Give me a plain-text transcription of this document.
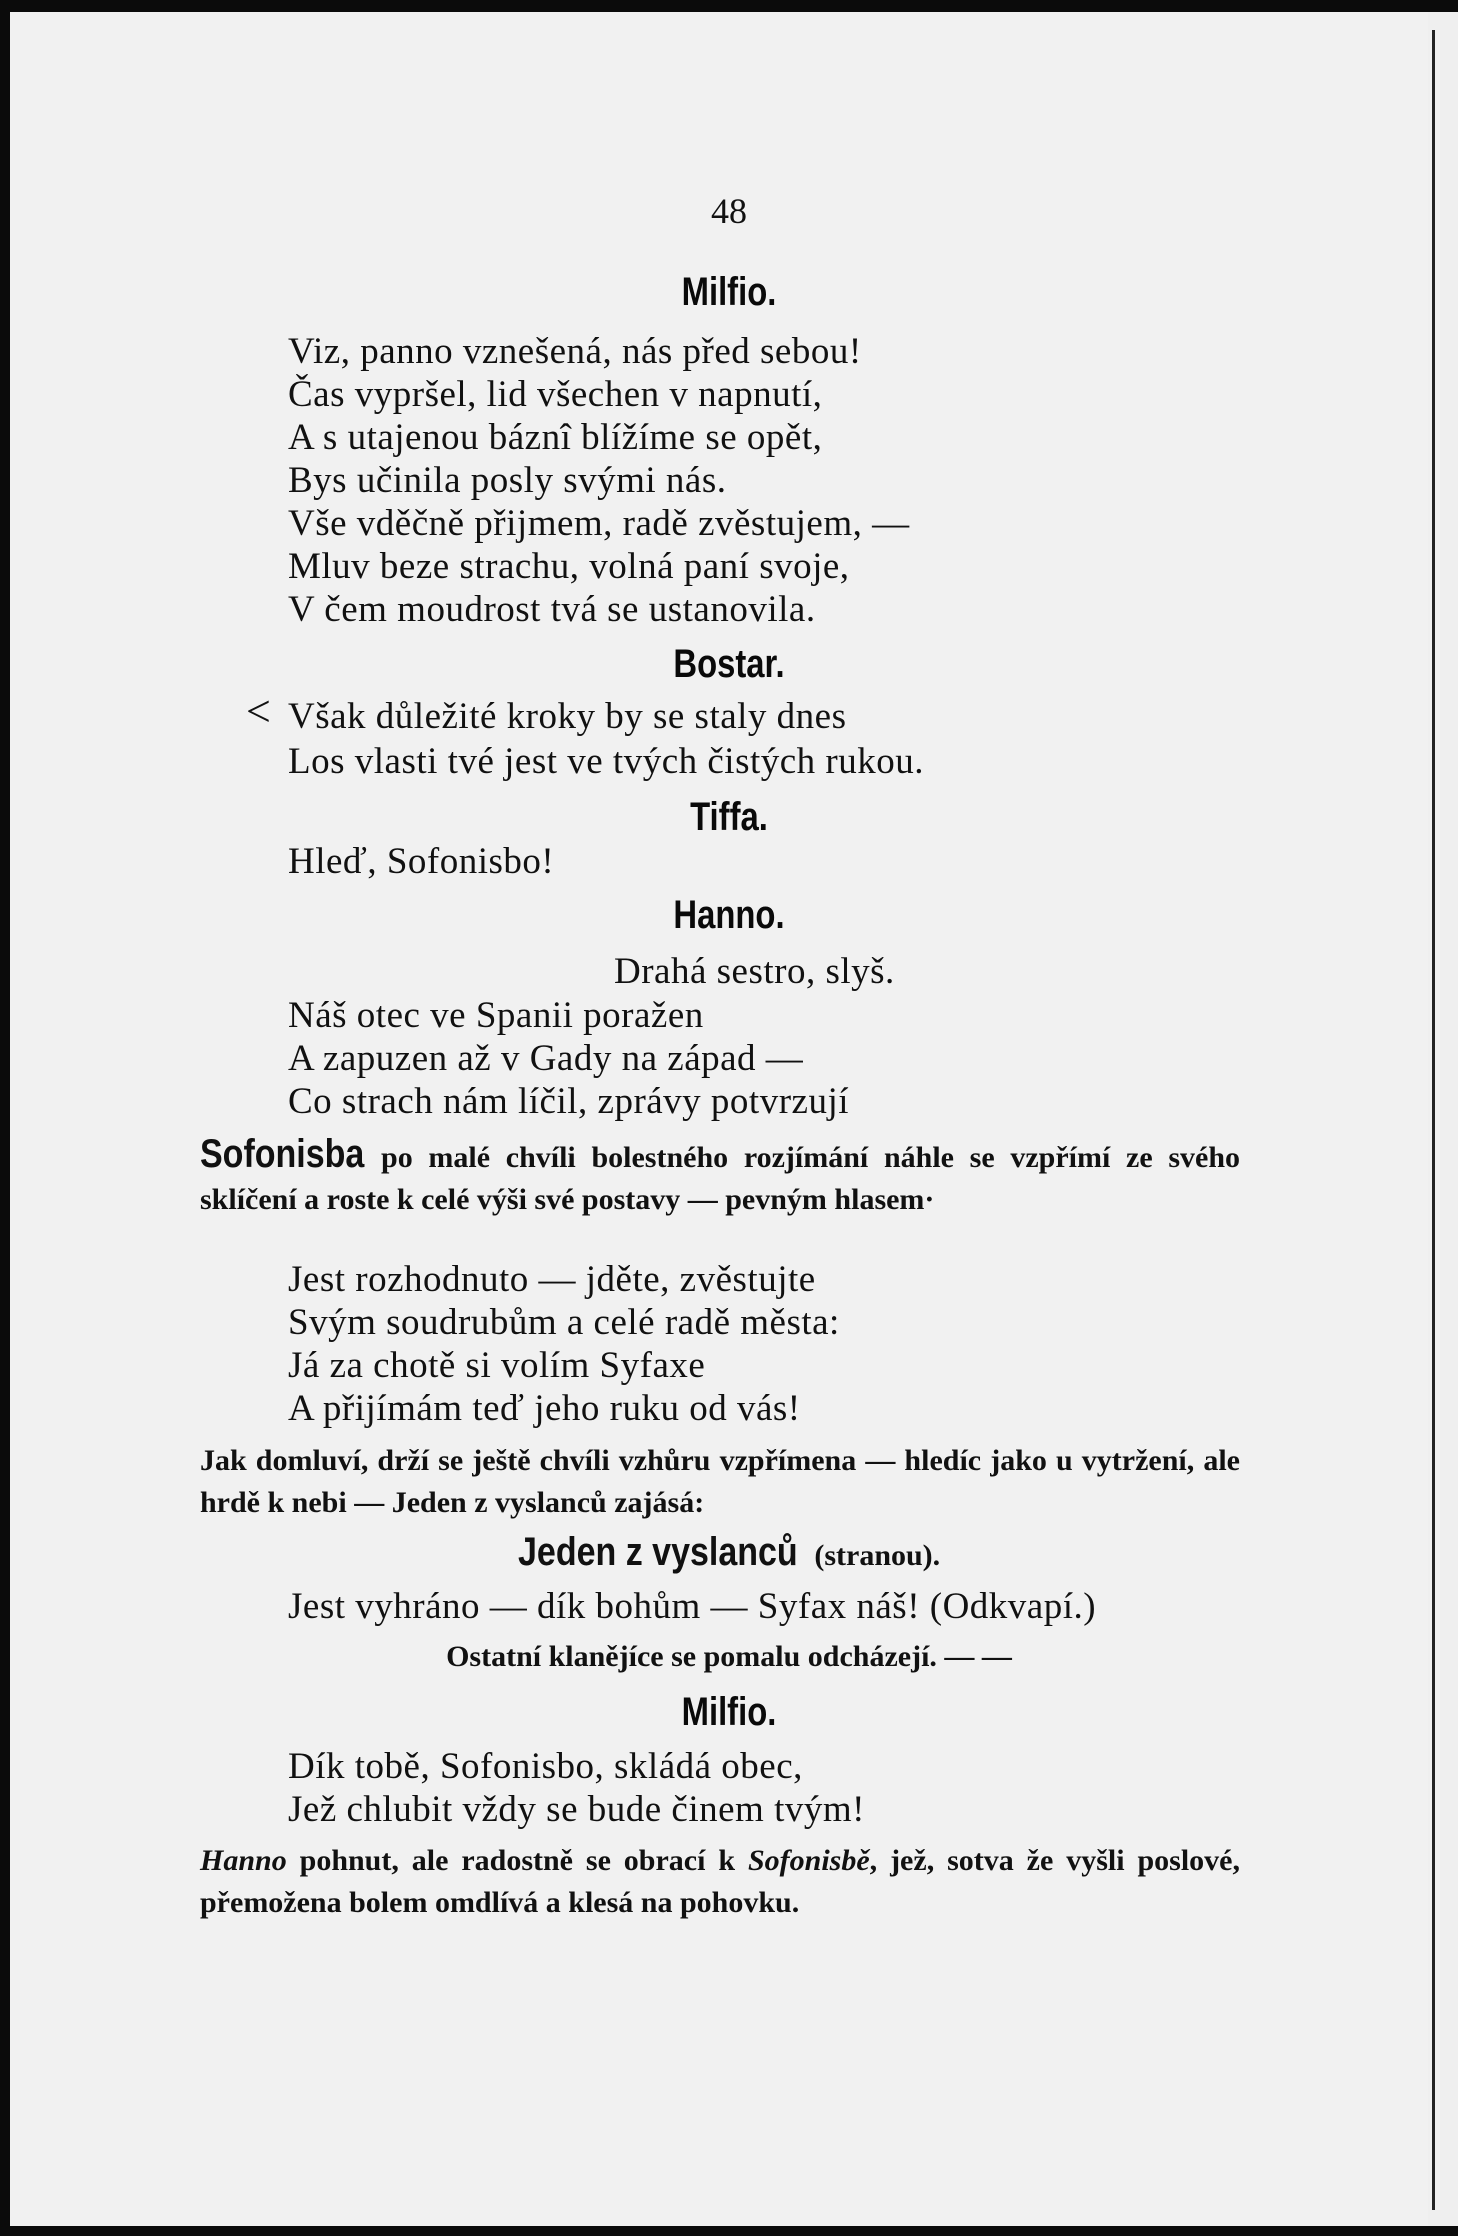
48
Milfio.
Viz, panno vznešená, nás před sebou!
Čas vypršel, lid všechen v napnutí,
A s utajenou báznî blížíme se opět,
Bys učinila posly svými nás.
Vše vděčně přijmem, radě zvěstujem, —
Mluv beze strachu, volná paní svoje,
V čem moudrost tvá se ustanovila.
Bostar.
< Však důležité kroky by se staly dnes
Los vlasti tvé jest ve tvých čistých rukou.
Tiffa.
Hleď, Sofonisbo!
Hanno.
Drahá sestro, slyš.
Náš otec ve Spanii poražen
A zapuzen až v Gady na západ —
Co strach nám líčil, zprávy potvrzují
Sofonisba po malé chvíli bolestného rozjímání náhle se vzpřímí ze svého sklíčení a roste k celé výši své postavy — pevným hlasem·
Jest rozhodnuto — jděte, zvěstujte
Svým soudrubům a celé radě města:
Já za chotě si volím Syfaxe
A přijímám teď jeho ruku od vás!
Jak domluví, drží se ještě chvíli vzhůru vzpřímena — hledíc jako u vytržení, ale hrdě k nebi — Jeden z vyslanců zajásá:
Jeden z vyslanců (stranou).
Jest vyhráno — dík bohům — Syfax náš! (Odkvapí.)
Ostatní klanějíce se pomalu odcházejí. — —
Milfio.
Dík tobě, Sofonisbo, skládá obec,
Jež chlubit vždy se bude činem tvým!
Hanno pohnut, ale radostně se obrací k Sofonisbě, jež, sotva že vyšli poslové, přemožena bolem omdlívá a klesá na pohovku.
